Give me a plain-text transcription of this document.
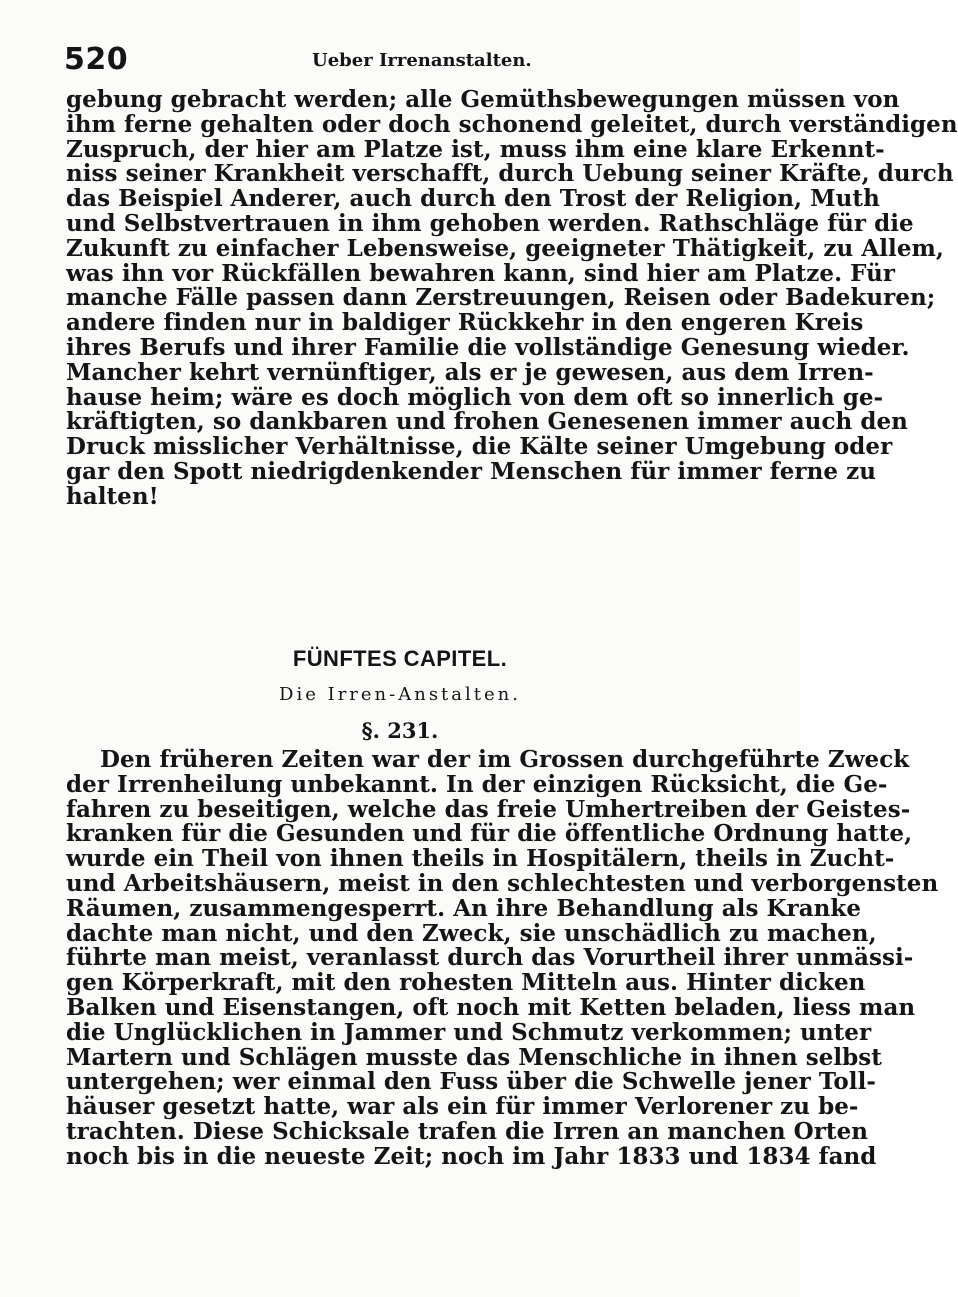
520	Ueber Irrenanstalten.
gebung gebracht werden; alle Gemüthsbewegungen müssen von
ihm ferne gehalten oder doch schonend geleitet, durch verständigen
Zuspruch, der hier am Platze ist, muss ihm eine klare Erkennt-
niss seiner Krankheit verschafft, durch Uebung seiner Kräfte, durch
das Beispiel Anderer, auch durch den Trost der Religion, Muth
und Selbstvertrauen in ihm gehoben werden. Rathschläge für die
Zukunft zu einfacher Lebensweise, geeigneter Thätigkeit, zu Allem,
was ihn vor Rückfällen bewahren kann, sind hier am Platze. Für
manche Fälle passen dann Zerstreuungen, Reisen oder Badekuren;
andere finden nur in baldiger Rückkehr in den engeren Kreis
ihres Berufs und ihrer Familie die vollständige Genesung wieder.
Mancher kehrt vernünftiger, als er je gewesen, aus dem Irren-
hause heim; wäre es doch möglich von dem oft so innerlich ge-
kräftigten, so dankbaren und frohen Genesenen immer auch den
Druck misslicher Verhältnisse, die Kälte seiner Umgebung oder
gar den Spott niedrigdenkender Menschen für immer ferne zu
halten!
FÜNFTES CAPITEL.
Die Irren-Anstalten.
§. 231.
Den früheren Zeiten war der im Grossen durchgeführte Zweck
der Irrenheilung unbekannt. In der einzigen Rücksicht, die Ge-
fahren zu beseitigen, welche das freie Umhertreiben der Geistes-
kranken für die Gesunden und für die öffentliche Ordnung hatte,
wurde ein Theil von ihnen theils in Hospitälern, theils in Zucht-
und Arbeitshäusern, meist in den schlechtesten und verborgensten
Räumen, zusammengesperrt. An ihre Behandlung als Kranke
dachte man nicht, und den Zweck, sie unschädlich zu machen,
führte man meist, veranlasst durch das Vorurtheil ihrer unmässi-
gen Körperkraft, mit den rohesten Mitteln aus. Hinter dicken
Balken und Eisenstangen, oft noch mit Ketten beladen, liess man
die Unglücklichen in Jammer und Schmutz verkommen; unter
Martern und Schlägen musste das Menschliche in ihnen selbst
untergehen; wer einmal den Fuss über die Schwelle jener Toll-
häuser gesetzt hatte, war als ein für immer Verlorener zu be-
trachten. Diese Schicksale trafen die Irren an manchen Orten
noch bis in die neueste Zeit; noch im Jahr 1833 und 1834 fand
